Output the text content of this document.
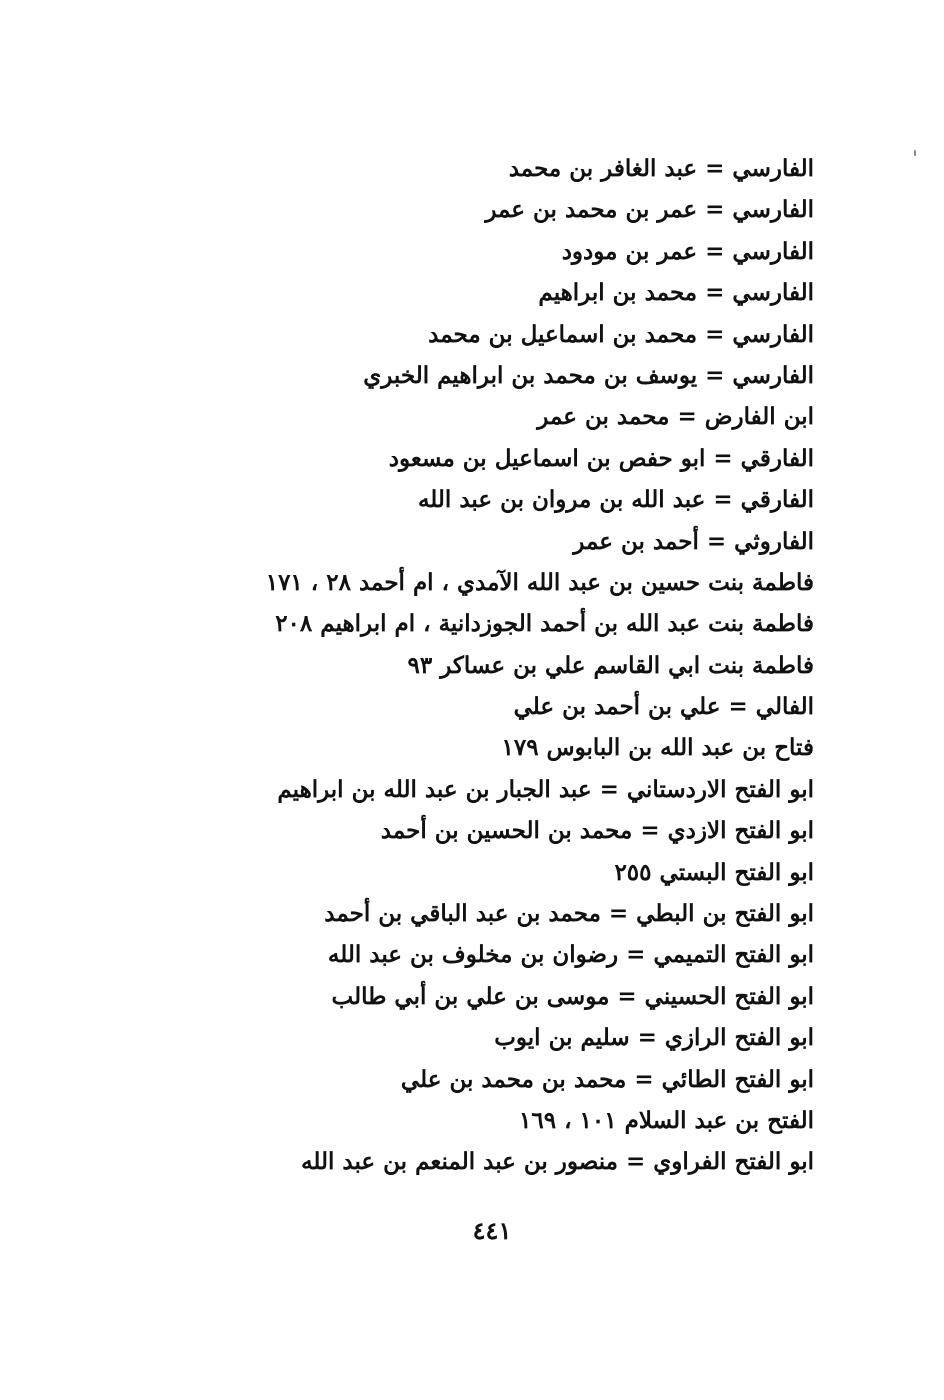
الفارسي = عبد الغافر بن محمد
الفارسي = عمر بن محمد بن عمر
الفارسي = عمر بن مودود
الفارسي = محمد بن ابراهيم
الفارسي = محمد بن اسماعيل بن محمد
الفارسي = يوسف بن محمد بن ابراهيم الخبري
ابن الفارض = محمد بن عمر
الفارقي = ابو حفص بن اسماعيل بن مسعود
الفارقي = عبد الله بن مروان بن عبد الله
الفاروثي = أحمد بن عمر
فاطمة بنت حسين بن عبد الله الآمدي ، ام أحمد ٢٨ ، ١٧١
فاطمة بنت عبد الله بن أحمد الجوزدانية ، ام ابراهيم ٢٠٨
فاطمة بنت ابي القاسم علي بن عساكر ٩٣
الفالي = علي بن أحمد بن علي
فتاح بن عبد الله بن البابوس ١٧٩
ابو الفتح الاردستاني = عبد الجبار بن عبد الله بن ابراهيم
ابو الفتح الازدي = محمد بن الحسين بن أحمد
ابو الفتح البستي ٢٥٥
ابو الفتح بن البطي = محمد بن عبد الباقي بن أحمد
ابو الفتح التميمي = رضوان بن مخلوف بن عبد الله
ابو الفتح الحسيني = موسى بن علي بن أبي طالب
ابو الفتح الرازي = سليم بن ايوب
ابو الفتح الطائي = محمد بن محمد بن علي
الفتح بن عبد السلام ١٠١ ، ١٦٩
ابو الفتح الفراوي = منصور بن عبد المنعم بن عبد الله
٤٤١
